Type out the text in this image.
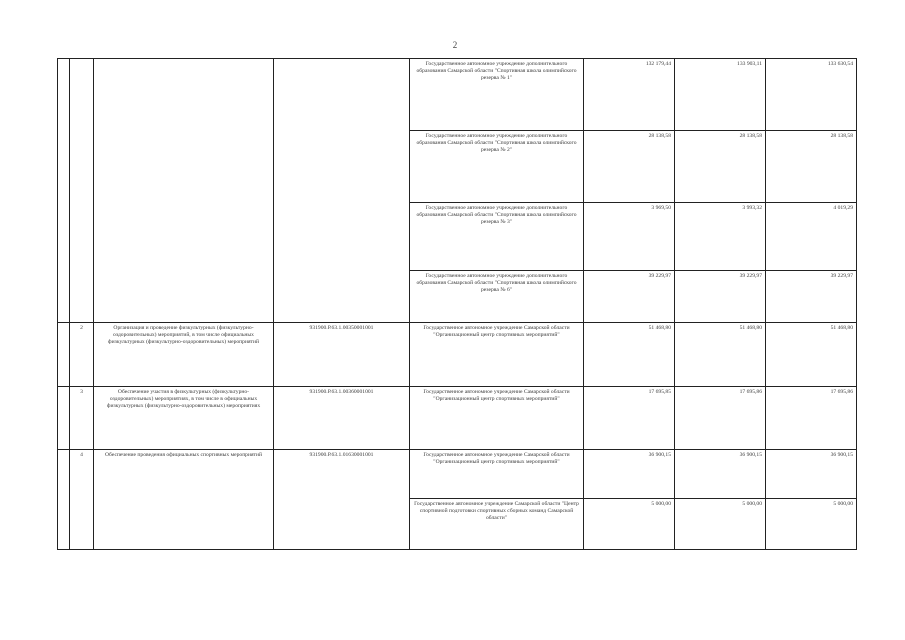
2
				Государственное автономное учреждение дополнительного образования Самарской области "Спортивная школа олимпийского резерва № 1"	132 179,44	133 903,11	133 630,54
				Государственное автономное учреждение дополнительного образования Самарской области "Спортивная школа олимпийского резерва № 2"	28 138,58	28 138,58	28 138,58
				Государственное автономное учреждение дополнительного образования Самарской области "Спортивная школа олимпийского резерва № 3"	3 969,50	3 993,32	4 019,29
				Государственное автономное учреждение дополнительного образования Самарской области "Спортивная школа олимпийского резерва № 6"	39 229,97	39 229,97	39 229,97
	2	Организация и проведение физкультурных (физкультурно-оздоровительных) мероприятий, в том числе официальных физкультурных (физкультурно-оздоровительных) мероприятий	931900.Р.63.1.00350001001	Государственное автономное учреждение Самарской области "Организационный центр спортивных мероприятий"	51 468,80	51 468,80	51 468,80
	3	Обеспечение участия в физкультурных (физкультурно-оздоровительных) мероприятиях, в том числе в официальных физкультурных (физкультурно-оздоровительных) мероприятиях	931900.Р.63.1.00360001001	Государственное автономное учреждение Самарской области "Организационный центр спортивных мероприятий"	17 695,85	17 695,86	17 695,86
	4	Обеспечение проведения официальных спортивных мероприятий	931900.Р.63.1.01630001001	Государственное автономное учреждение Самарской области "Организационный центр спортивных мероприятий"	36 900,15	36 900,15	36 900,15
				Государственное автономное учреждение Самарской области "Центр спортивной подготовки спортивных сборных команд Самарской области"	5 000,00	5 000,00	5 000,00
